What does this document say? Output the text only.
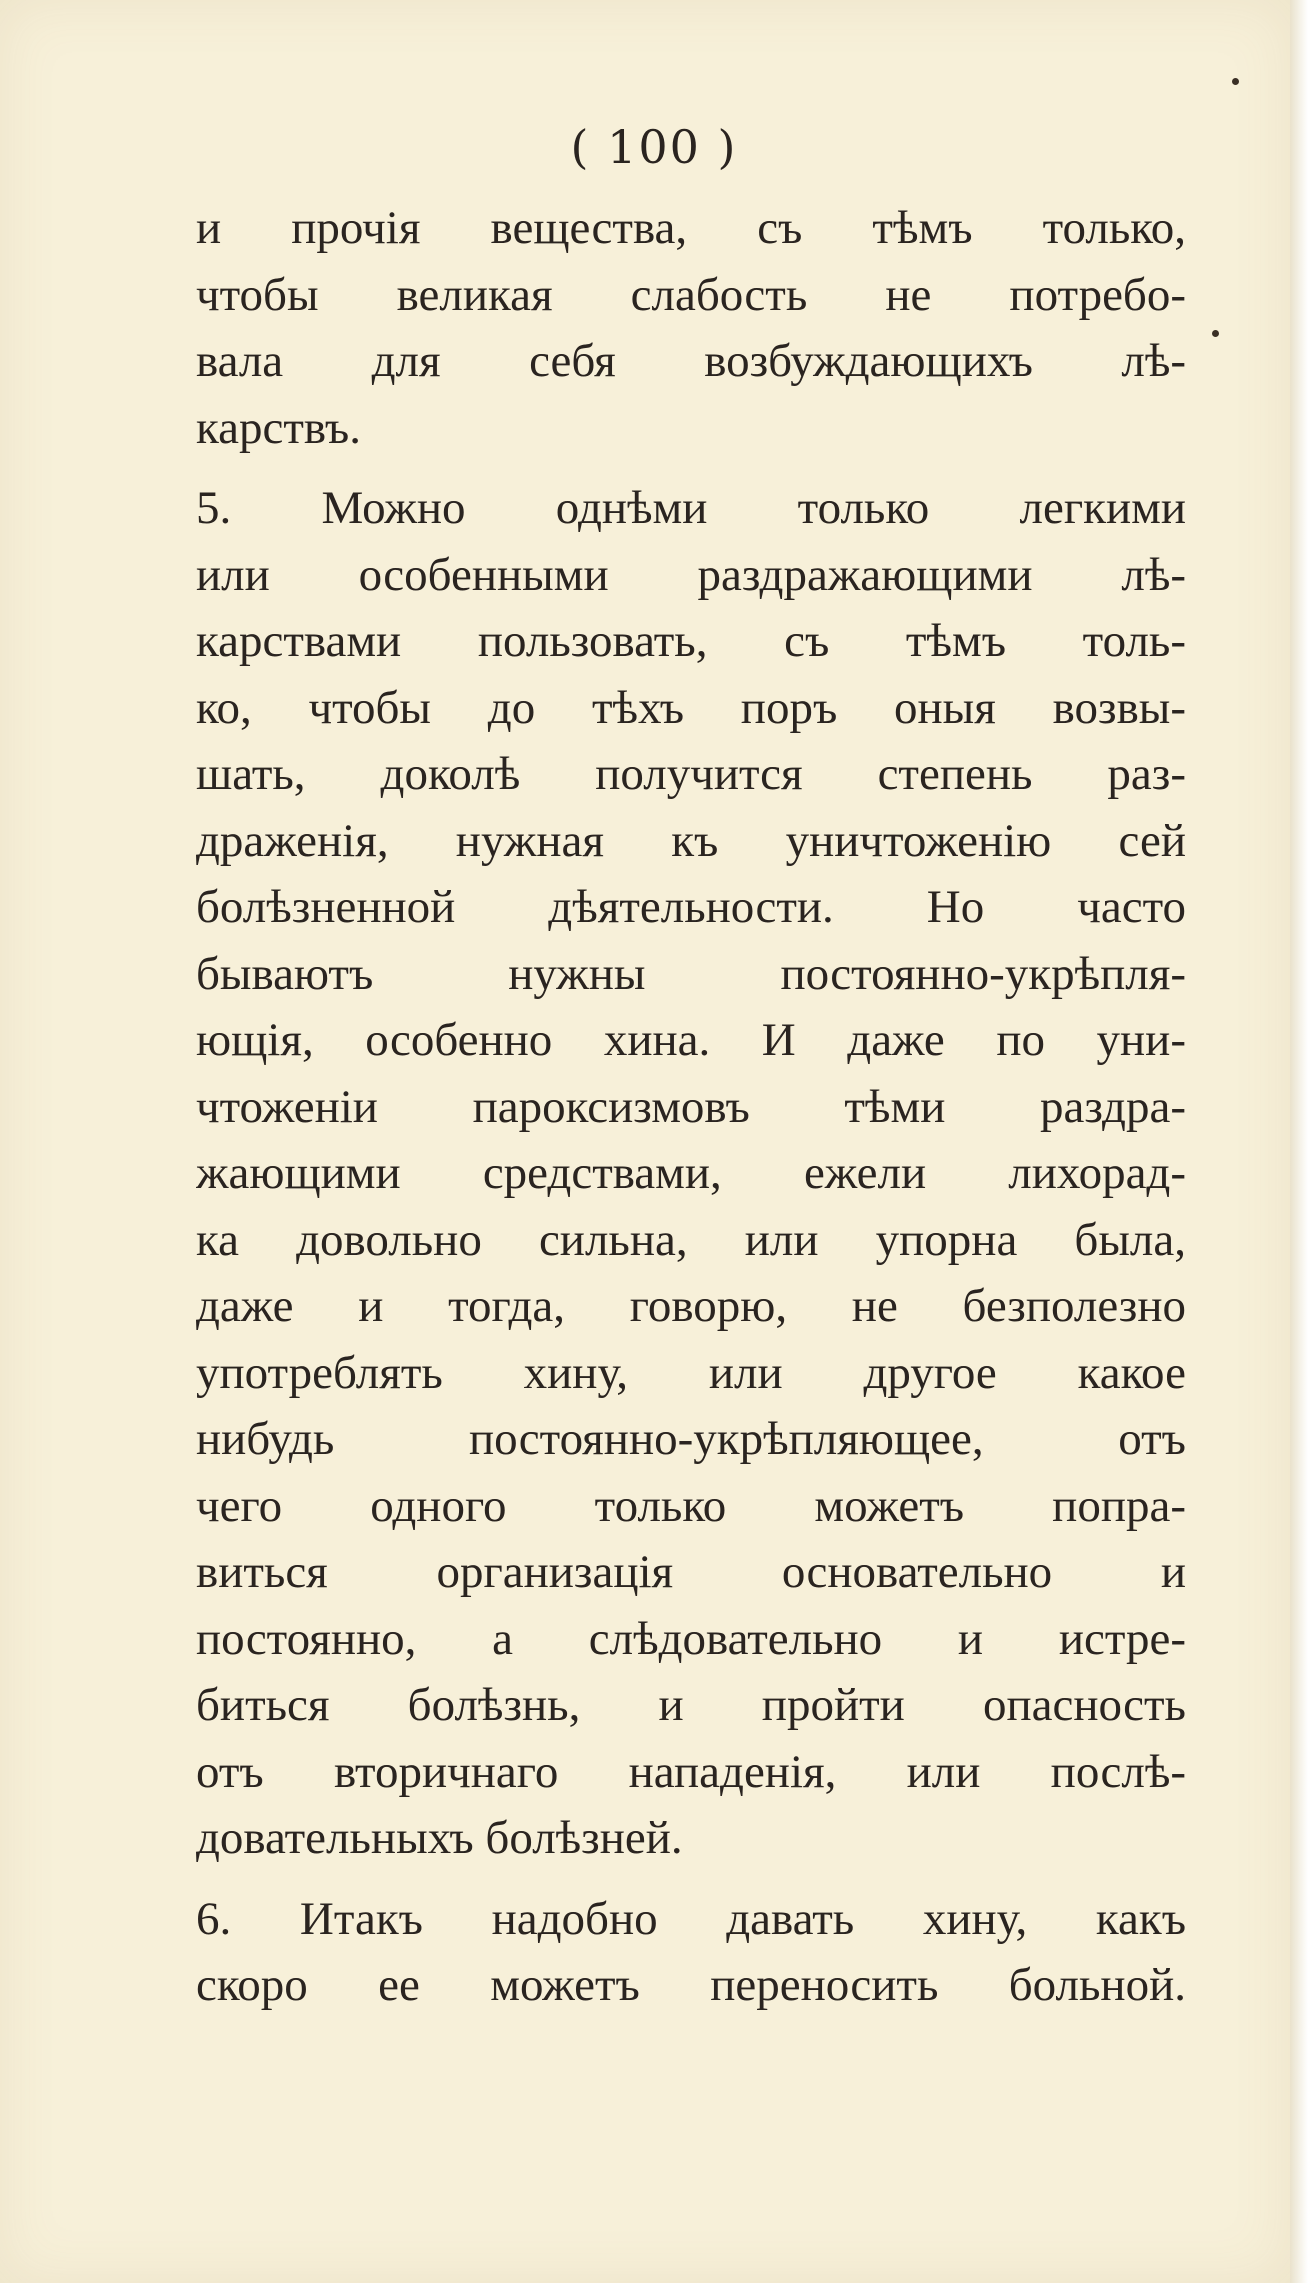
( 100 )
и прочія вещества, съ тѣмъ только,
чтобы великая слабость не потребо-
вала для себя возбуждающихъ лѣ-
карствъ.
5. Можно однѣми только легкими
или особенными раздражающими лѣ-
карствами пользовать, съ тѣмъ толь-
ко, чтобы до тѣхъ поръ оныя возвы-
шать, доколѣ получится степень раз-
драженія, нужная къ уничтоженію сей
болѣзненной дѣятельности. Но часто
бываютъ нужны постоянно-укрѣпля-
ющія, особенно хина. И даже по уни-
чтоженіи пароксизмовъ тѣми раздра-
жающими средствами, ежели лихорад-
ка довольно сильна, или упорна была,
даже и тогда, говорю, не безполезно
употреблять хину, или другое какое
нибудь постоянно-укрѣпляющее, отъ
чего одного только можетъ попра-
виться организація основательно и
постоянно, а слѣдовательно и истре-
биться болѣзнь, и пройти опасность
отъ вторичнаго нападенія, или послѣ-
довательныхъ болѣзней.
6. Итакъ надобно давать хину, какъ
скоро ее можетъ переносить больной.
